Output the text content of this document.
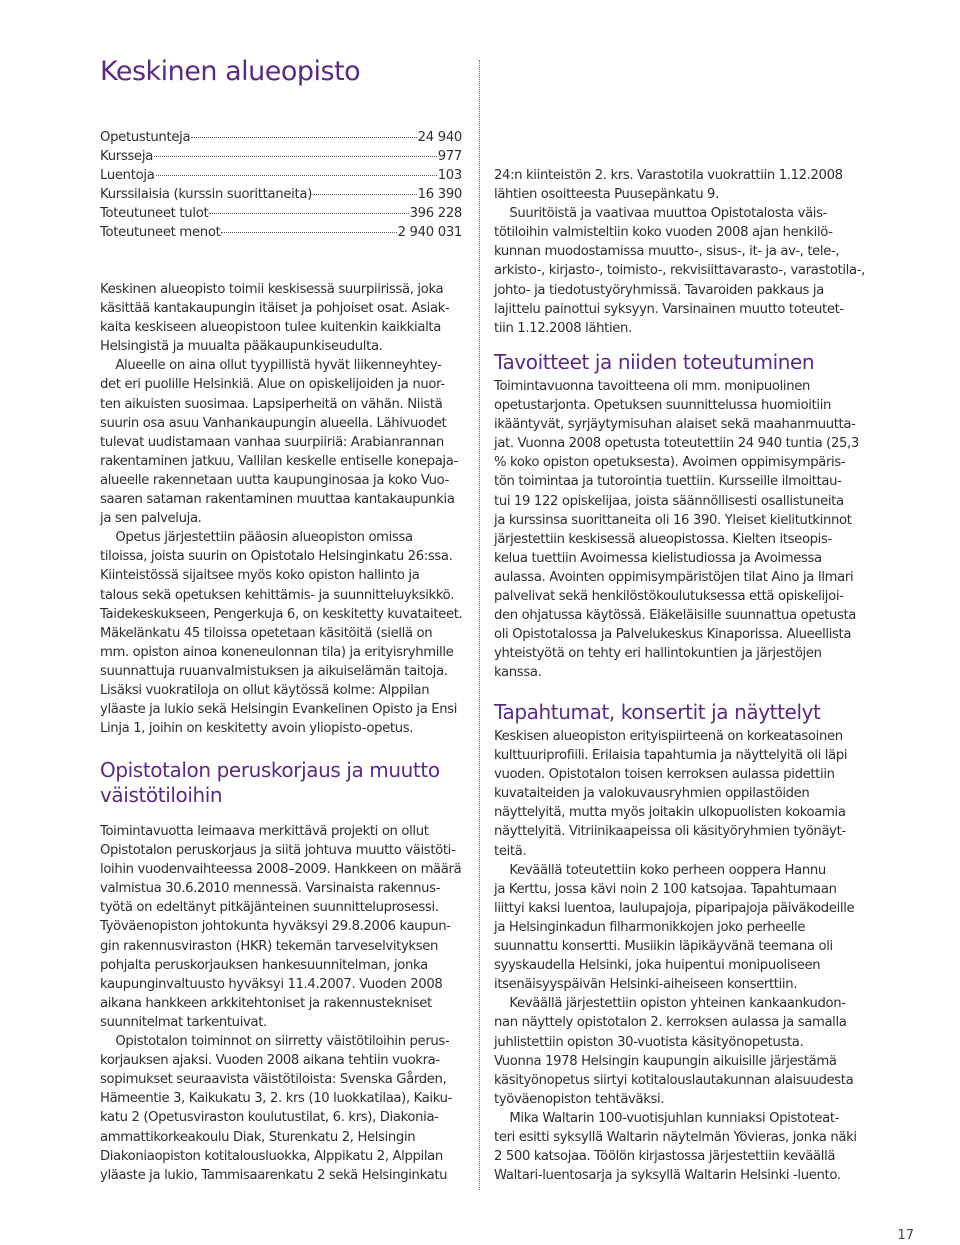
Keskinen alueopisto
Opetustunteja	24 940
Kursseja	977
Luentoja	103
Kurssilaisia (kurssin suorittaneita)	16 390
Toteutuneet tulot	396 228
Toteutuneet menot	2 940 031

Keskinen alueopisto toimii keskisessä suurpiirissä, joka
käsittää kantakaupungin itäiset ja pohjoiset osat. Asiak-
kaita keskiseen alueopistoon tulee kuitenkin kaikkialta
Helsingistä ja muualta pääkaupunkiseudulta.
Alueelle on aina ollut tyypillistä hyvät liikenneyhtey-
det eri puolille Helsinkiä. Alue on opiskelijoiden ja nuor-
ten aikuisten suosimaa. Lapsiperheitä on vähän. Niistä
suurin osa asuu Vanhankaupungin alueella. Lähivuodet
tulevat uudistamaan vanhaa suurpiiriä: Arabianrannan
rakentaminen jatkuu, Vallilan keskelle entiselle konepaja-
alueelle rakennetaan uutta kaupunginosaa ja koko Vuo-
saaren sataman rakentaminen muuttaa kantakaupunkia
ja sen palveluja.
Opetus järjestettiin pääosin alueopiston omissa
tiloissa, joista suurin on Opistotalo Helsinginkatu 26:ssa.
Kiinteistössä sijaitsee myös koko opiston hallinto ja
talous sekä opetuksen kehittämis- ja suunnitteluyksikkö.
Taidekeskukseen, Pengerkuja 6, on keskitetty kuvataiteet.
Mäkelänkatu 45 tiloissa opetetaan käsitöitä (siellä on
mm. opiston ainoa koneneulonnan tila) ja erityisryhmille
suunnattuja ruuanvalmistuksen ja aikuiselämän taitoja.
Lisäksi vuokratiloja on ollut käytössä kolme: Alppilan
yläaste ja lukio sekä Helsingin Evankelinen Opisto ja Ensi
Linja 1, joihin on keskitetty avoin yliopisto-opetus.

Opistotalon peruskorjaus ja muutto
väistötiloihin

Toimintavuotta leimaava merkittävä projekti on ollut
Opistotalon peruskorjaus ja siitä johtuva muutto väistöti-
loihin vuodenvaihteessa 2008–2009. Hankkeen on määrä
valmistua 30.6.2010 mennessä. Varsinaista rakennus-
työtä on edeltänyt pitkäjänteinen suunnitteluprosessi.
Työväenopiston johtokunta hyväksyi 29.8.2006 kaupun-
gin rakennusviraston (HKR) tekemän tarveselvityksen
pohjalta peruskorjauksen hankesuunnitelman, jonka
kaupunginvaltuusto hyväksyi 11.4.2007. Vuoden 2008
aikana hankkeen arkkitehtoniset ja rakennustekniset
suunnitelmat tarkentuivat.
Opistotalon toiminnot on siirretty väistötiloihin perus-
korjauksen ajaksi. Vuoden 2008 aikana tehtiin vuokra-
sopimukset seuraavista väistötiloista: Svenska Gården,
Hämeentie 3, Kaikukatu 3, 2. krs (10 luokkatilaa), Kaiku-
katu 2 (Opetusviraston koulutustilat, 6. krs), Diakonia-
ammattikorkeakoulu Diak, Sturenkatu 2, Helsingin
Diakoniaopiston kotitalousluokka, Alppikatu 2, Alppilan
yläaste ja lukio, Tammisaarenkatu 2 sekä Helsinginkatu

24:n kiinteistön 2. krs. Varastotila vuokrattiin 1.12.2008
lähtien osoitteesta Puusepänkatu 9.
Suuritöistä ja vaativaa muuttoa Opistotalosta väis-
tötiloihin valmisteltiin koko vuoden 2008 ajan henkilö-
kunnan muodostamissa muutto-, sisus-, it- ja av-, tele-,
arkisto-, kirjasto-, toimisto-, rekvisiittavarasto-, varastotila-,
johto- ja tiedotustyöryhmissä. Tavaroiden pakkaus ja
lajittelu painottui syksyyn. Varsinainen muutto toteutet-
tiin 1.12.2008 lähtien.

Tavoitteet ja niiden toteutuminen

Toimintavuonna tavoitteena oli mm. monipuolinen
opetustarjonta. Opetuksen suunnittelussa huomioitiin
ikääntyvät, syrjäytymisuhan alaiset sekä maahanmuutta-
jat. Vuonna 2008 opetusta toteutettiin 24 940 tuntia (25,3
% koko opiston opetuksesta). Avoimen oppimisympäris-
tön toimintaa ja tutorointia tuettiin. Kursseille ilmoittau-
tui 19 122 opiskelijaa, joista säännöllisesti osallistuneita
ja kurssinsa suorittaneita oli 16 390. Yleiset kielitutkinnot
järjestettiin keskisessä alueopistossa. Kielten itseopis-
kelua tuettiin Avoimessa kielistudiossa ja Avoimessa
aulassa. Avointen oppimisympäristöjen tilat Aino ja Ilmari
palvelivat sekä henkilöstökoulutuksessa että opiskelijoi-
den ohjatussa käytössä. Eläkeläisille suunnattua opetusta
oli Opistotalossa ja Palvelukeskus Kinaporissa. Alueellista
yhteistyötä on tehty eri hallintokuntien ja järjestöjen
kanssa.

Tapahtumat, konsertit ja näyttelyt

Keskisen alueopiston erityispiirteenä on korkeatasoinen
kulttuuriprofiili. Erilaisia tapahtumia ja näyttelyitä oli läpi
vuoden. Opistotalon toisen kerroksen aulassa pidettiin
kuvataiteiden ja valokuvausryhmien oppilastöiden
näyttelyitä, mutta myös joitakin ulkopuolisten kokoamia
näyttelyitä. Vitriinikaapeissa oli käsityöryhmien työnäyt-
teitä.
Keväällä toteutettiin koko perheen ooppera Hannu
ja Kerttu, jossa kävi noin 2 100 katsojaa. Tapahtumaan
liittyi kaksi luentoa, laulupajoja, piparipajoja päiväkodeille
ja Helsinginkadun filharmonikkojen joko perheelle
suunnattu konsertti. Musiikin läpikäyvänä teemana oli
syyskaudella Helsinki, joka huipentui monipuoliseen
itsenäisyyspäivän Helsinki-aiheiseen konserttiin.
Keväällä järjestettiin opiston yhteinen kankaankudon-
nan näyttely opistotalon 2. kerroksen aulassa ja samalla
juhlistettiin opiston 30-vuotista käsityönopetusta.
Vuonna 1978 Helsingin kaupungin aikuisille järjestämä
käsityönopetus siirtyi kotitalouslautakunnan alaisuudesta
työväenopiston tehtäväksi.
Mika Waltarin 100-vuotisjuhlan kunniaksi Opistoteat-
teri esitti syksyllä Waltarin näytelmän Yövieras, jonka näki
2 500 katsojaa. Töölön kirjastossa järjestettiin keväällä
Waltari-luentosarja ja syksyllä Waltarin Helsinki -luento.

17
